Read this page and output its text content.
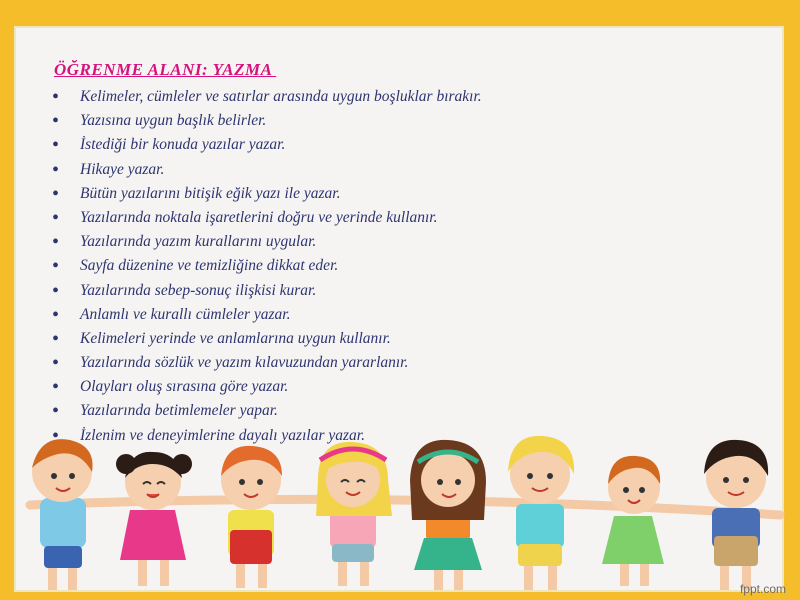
ÖĞRENME ALANI: YAZMA
• Kelimeler, cümleler ve satırlar arasında uygun boşluklar bırakır.
• Yazısına uygun başlık belirler.
• İstediği bir konuda yazılar yazar.
• Hikaye yazar.
• Bütün yazılarını bitişik eğik yazı ile yazar.
• Yazılarında noktala işaretlerini doğru ve yerinde kullanır.
• Yazılarında yazım kurallarını uygular.
• Sayfa düzenine ve temizliğine dikkat eder.
• Yazılarında sebep-sonuç ilişkisi kurar.
• Anlamlı ve kurallı cümleler yazar.
• Kelimeleri yerinde ve anlamlarına uygun kullanır.
• Yazılarında sözlük ve yazım kılavuzundan yararlanır.
• Olayları oluş sırasına göre yazar.
• Yazılarında betimlemeler yapar.
• İzlenim ve deneyimlerine dayalı yazılar yazar.
fppt.com
